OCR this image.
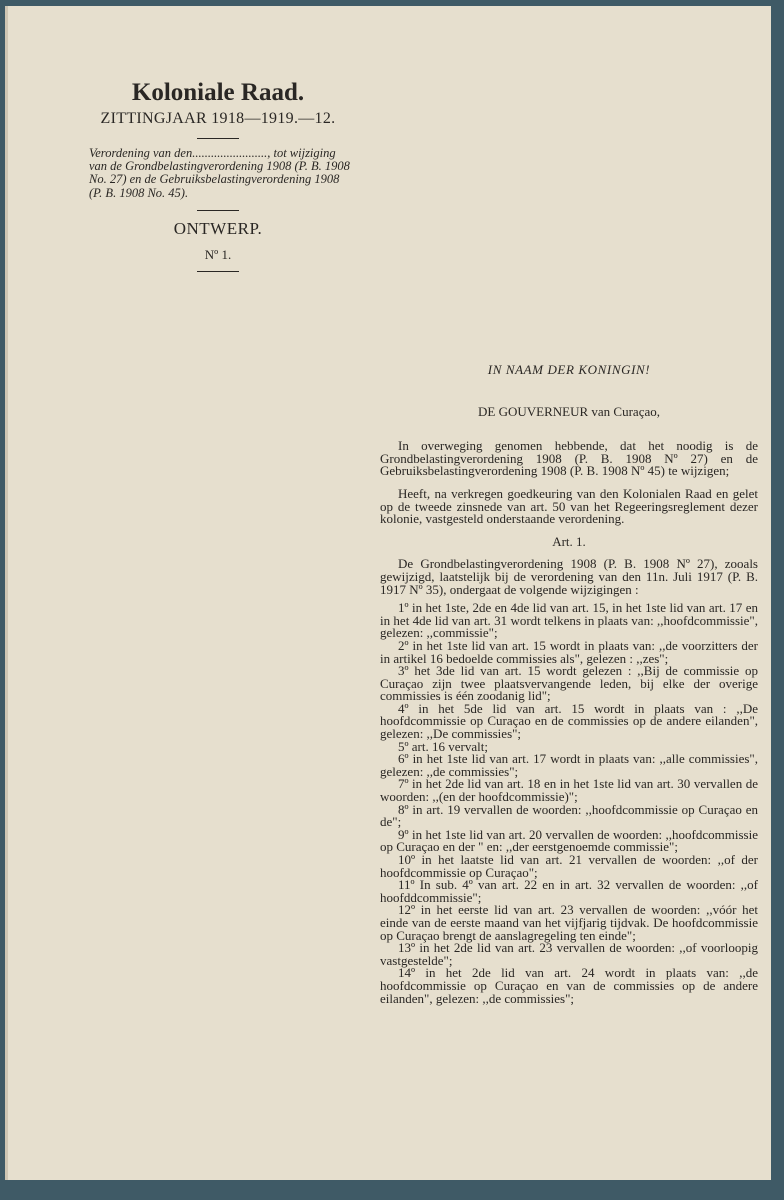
Koloniale Raad.

ZITTINGJAAR 1918—1919.—12.

Verordening van den........................, tot wijziging van de Grondbelastingverordening 1908 (P. B. 1908 No. 27) en de Gebruiksbelastingverordening 1908 (P. B. 1908 No. 45).

ONTWERP.

Nº 1.

IN NAAM DER KONINGIN!

DE GOUVERNEUR van Curaçao,

In overweging genomen hebbende, dat het noodig is de Grondbelastingverordening 1908 (P. B. 1908 Nº 27) en de Gebruiksbelastingverordening 1908 (P. B. 1908 Nº 45) te wijzigen;

Heeft, na verkregen goedkeuring van den Kolonialen Raad en gelet op de tweede zinsnede van art. 50 van het Regeeringsreglement dezer kolonie, vastgesteld onderstaande verordening.

Art. 1.

De Grondbelastingverordening 1908 (P. B. 1908 Nº 27), zooals gewijzigd, laatstelijk bij de verordening van den 11n. Juli 1917 (P. B. 1917 Nº 35), ondergaat de volgende wijzigingen :

1º in het 1ste, 2de en 4de lid van art. 15, in het 1ste lid van art. 17 en in het 4de lid van art. 31 wordt telkens in plaats van: ,,hoofdcommissie", gelezen: ,,commissie";

2º in het 1ste lid van art. 15 wordt in plaats van: ,,de voorzitters der in artikel 16 bedoelde commissies als", gelezen : ,,zes";

3º het 3de lid van art. 15 wordt gelezen : ,,Bij de commissie op Curaçao zijn twee plaatsvervangende leden, bij elke der overige commissies is één zoodanig lid";

4º in het 5de lid van art. 15 wordt in plaats van : ,,De hoofdcommissie op Curaçao en de commissies op de andere eilanden", gelezen: ,,De commissies";

5º art. 16 vervalt;

6º in het 1ste lid van art. 17 wordt in plaats van: ,,alle commissies", gelezen: ,,de commissies";

7º in het 2de lid van art. 18 en in het 1ste lid van art. 30 vervallen de woorden: ,,(en der hoofdcommissie)";

8º in art. 19 vervallen de woorden: ,,hoofdcommissie op Curaçao en de";

9º in het 1ste lid van art. 20 vervallen de woorden: ,,hoofdcommissie op Curaçao en der " en: ,,der eerstgenoemde commissie";

10º in het laatste lid van art. 21 vervallen de woorden: ,,of der hoofdcommissie op Curaçao";

11º In sub. 4º van art. 22 en in art. 32 vervallen de woorden: ,,of hoofddcommissie";

12º in het eerste lid van art. 23 vervallen de woorden: ,,vóór het einde van de eerste maand van het vijfjarig tijdvak. De hoofdcommissie op Curaçao brengt de aanslagregeling ten einde";

13º in het 2de lid van art. 23 vervallen de woorden: ,,of voorloopig vastgestelde";

14º in het 2de lid van art. 24 wordt in plaats van: ,,de hoofdcommissie op Curaçao en van de commissies op de andere eilanden", gelezen: ,,de commissies";
